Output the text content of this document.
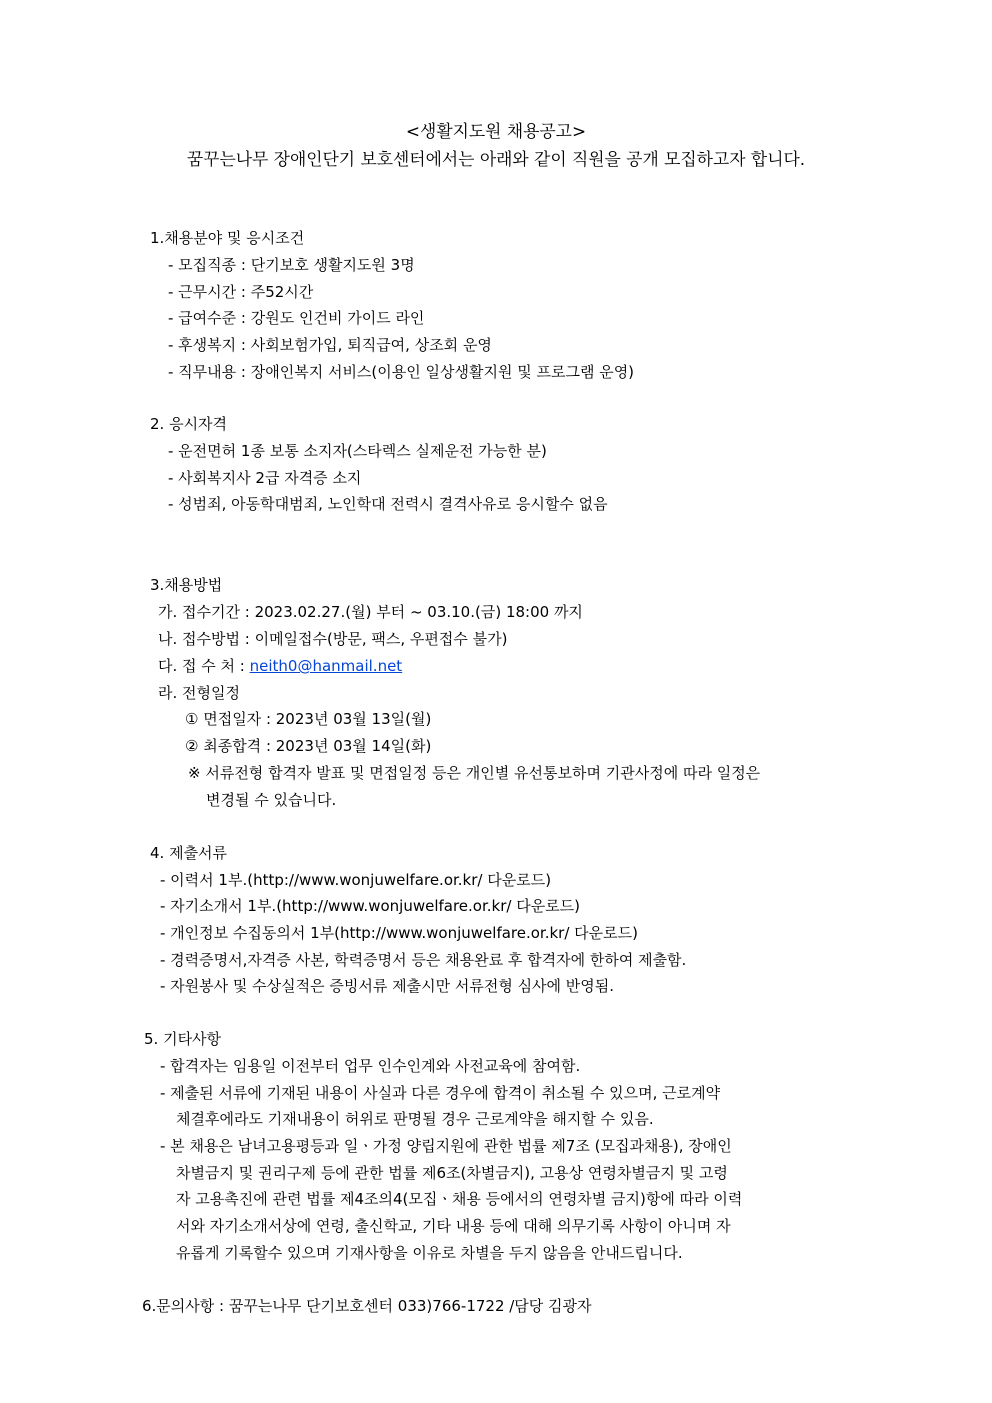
<생활지도원 채용공고>
꿈꾸는나무 장애인단기 보호센터에서는 아래와 같이 직원을 공개 모집하고자 합니다.
1.채용분야 및 응시조건
- 모집직종 : 단기보호 생활지도원 3명
- 근무시간 : 주52시간
- 급여수준 : 강원도 인건비 가이드 라인
- 후생복지 : 사회보험가입, 퇴직급여, 상조회 운영
- 직무내용 : 장애인복지 서비스(이용인 일상생활지원 및 프로그램 운영)
2. 응시자격
- 운전면허 1종 보통 소지자(스타렉스 실제운전 가능한 분)
- 사회복지사 2급 자격증 소지
- 성범죄, 아동학대범죄, 노인학대 전력시 결격사유로 응시할수 없음
3.채용방법
가. 접수기간 : 2023.02.27.(월) 부터 ~ 03.10.(금) 18:00 까지
나. 접수방법 : 이메일접수(방문, 팩스, 우편접수 불가)
다. 접 수 처 : neith0@hanmail.net
라. 전형일정
① 면접일자 : 2023년 03월 13일(월)
② 최종합격 : 2023년 03월 14일(화)
※ 서류전형 합격자 발표 및 면접일정 등은 개인별 유선통보하며 기관사정에 따라 일정은
변경될 수 있습니다.
4. 제출서류
- 이력서 1부.(http://www.wonjuwelfare.or.kr/ 다운로드)
- 자기소개서 1부.(http://www.wonjuwelfare.or.kr/ 다운로드)
- 개인정보 수집동의서 1부(http://www.wonjuwelfare.or.kr/ 다운로드)
- 경력증명서,자격증 사본, 학력증명서 등은 채용완료 후 합격자에 한하여 제출함.
- 자원봉사 및 수상실적은 증빙서류 제출시만 서류전형 심사에 반영됨.
5. 기타사항
- 합격자는 임용일 이전부터 업무 인수인계와 사전교육에 참여함.
- 제출된 서류에 기재된 내용이 사실과 다른 경우에 합격이 취소될 수 있으며, 근로계약
체결후에라도 기재내용이 허위로 판명될 경우 근로계약을 해지할 수 있음.
- 본 채용은 남녀고용평등과 일ㆍ가정 양립지원에 관한 법률 제7조 (모집과채용), 장애인
차별금지 및 권리구제 등에 관한 법률 제6조(차별금지), 고용상 연령차별금지 및 고령
자 고용촉진에 관련 법률 제4조의4(모집ㆍ채용 등에서의 연령차별 금지)항에 따라 이력
서와 자기소개서상에 연령, 출신학교, 기타 내용 등에 대해 의무기록 사항이 아니며 자
유롭게 기록할수 있으며 기재사항을 이유로 차별을 두지 않음을 안내드립니다.
6.문의사항 : 꿈꾸는나무 단기보호센터 033)766-1722 /담당 김광자
